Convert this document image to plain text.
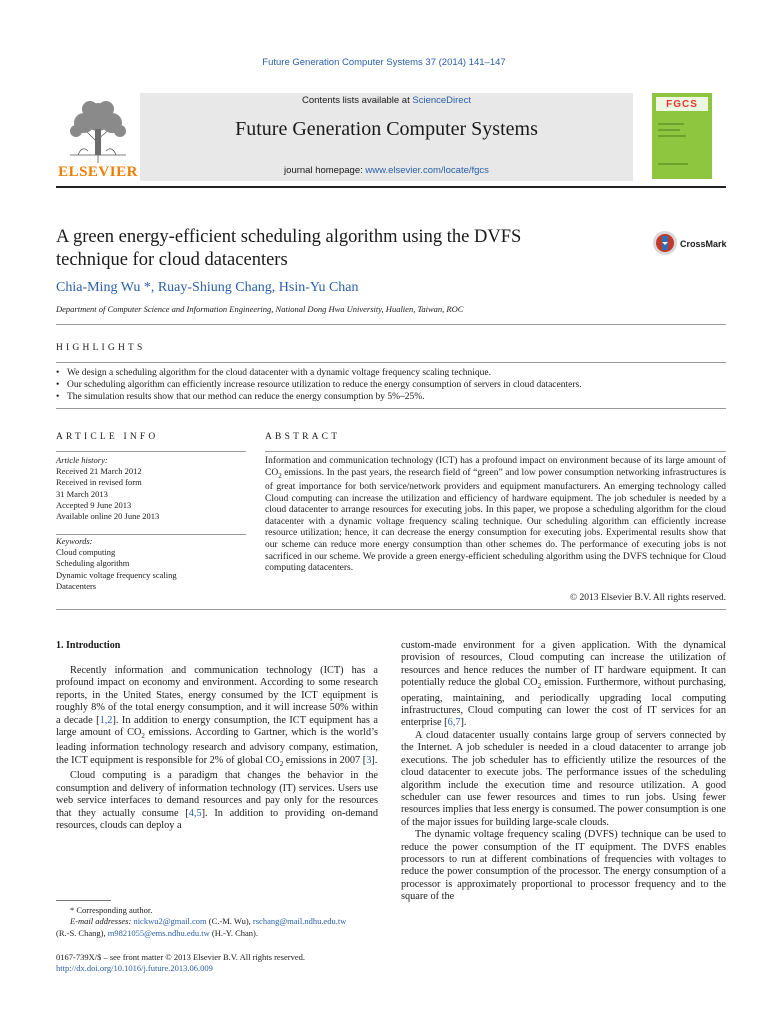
Future Generation Computer Systems 37 (2014) 141–147
ELSEVIER
Contents lists available at ScienceDirect
Future Generation Computer Systems
journal homepage: www.elsevier.com/locate/fgcs
FGCS
A green energy-efficient scheduling algorithm using the DVFS technique for cloud datacenters
CrossMark
Chia-Ming Wu *, Ruay-Shiung Chang, Hsin-Yu Chan
Department of Computer Science and Information Engineering, National Dong Hwa University, Hualien, Taiwan, ROC
HIGHLIGHTS
• We design a scheduling algorithm for the cloud datacenter with a dynamic voltage frequency scaling technique.
• Our scheduling algorithm can efficiently increase resource utilization to reduce the energy consumption of servers in cloud datacenters.
• The simulation results show that our method can reduce the energy consumption by 5%–25%.
ARTICLE INFO	ABSTRACT
Article history:
Received 21 March 2012
Received in revised form
31 March 2013
Accepted 9 June 2013
Available online 20 June 2013
Keywords:
Cloud computing
Scheduling algorithm
Dynamic voltage frequency scaling
Datacenters
Information and communication technology (ICT) has a profound impact on environment because of its large amount of $CO_2$ emissions. In the past years, the research field of “green” and low power consumption networking infrastructures is of great importance for both service/network providers and equipment manufacturers. An emerging technology called Cloud computing can increase the utilization and efficiency of hardware equipment. The job scheduler is needed by a cloud datacenter to arrange resources for executing jobs. In this paper, we propose a scheduling algorithm for the cloud datacenter with a dynamic voltage frequency scaling technique. Our scheduling algorithm can efficiently increase resource utilization; hence, it can decrease the energy consumption for executing jobs. Experimental results show that our scheme can reduce more energy consumption than other schemes do. The performance of executing jobs is not sacrificed in our scheme. We provide a green energy-efficient scheduling algorithm using the DVFS technique for Cloud computing datacenters.
© 2013 Elsevier B.V. All rights reserved.
1. Introduction

Recently information and communication technology (ICT) has a profound impact on economy and environment. According to some research reports, in the United States, energy consumed by the ICT equipment is roughly 8% of the total energy consumption, and it will increase 50% within a decade [1,2]. In addition to energy consumption, the ICT equipment has a large amount of $CO_2$ emissions. According to Gartner, which is the world’s leading information technology research and advisory company, estimation, the ICT equipment is responsible for 2% of global $CO_2$ emissions in 2007 [3].

Cloud computing is a paradigm that changes the behavior in the consumption and delivery of information technology (IT) services. Users use web service interfaces to demand resources and pay only for the resources that they actually consume [4,5]. In addition to providing on-demand resources, clouds can deploy a

custom-made environment for a given application. With the dynamical provision of resources, Cloud computing can increase the utilization of resources and hence reduces the number of IT hardware equipment. It can potentially reduce the global $CO_2$ emission. Furthermore, without purchasing, operating, maintaining, and periodically upgrading local computing infrastructures, Cloud computing can lower the cost of IT services for an enterprise [6,7].

A cloud datacenter usually contains large group of servers connected by the Internet. A job scheduler is needed in a cloud datacenter to arrange job executions. The job scheduler has to efficiently utilize the resources of the cloud datacenter to execute jobs. The performance issues of the scheduling algorithm include the execution time and resource utilization. A good scheduler can use fewer resources and times to run jobs. Using fewer resources implies that less energy is consumed. The power consumption is one of the major issues for building large-scale clouds.

The dynamic voltage frequency scaling (DVFS) technique can be used to reduce the power consumption of the IT equipment. The DVFS enables processors to run at different combinations of frequencies with voltages to reduce the power consumption of the processor. The energy consumption of a processor is approximately proportional to processor frequency and to the square of the

* Corresponding author.
E-mail addresses: nickwu2@gmail.com (C.-M. Wu), rschang@mail.ndhu.edu.tw
(R.-S. Chang), m9821055@ems.ndhu.edu.tw (H.-Y. Chan).
0167-739X/$ – see front matter © 2013 Elsevier B.V. All rights reserved.
http://dx.doi.org/10.1016/j.future.2013.06.009
